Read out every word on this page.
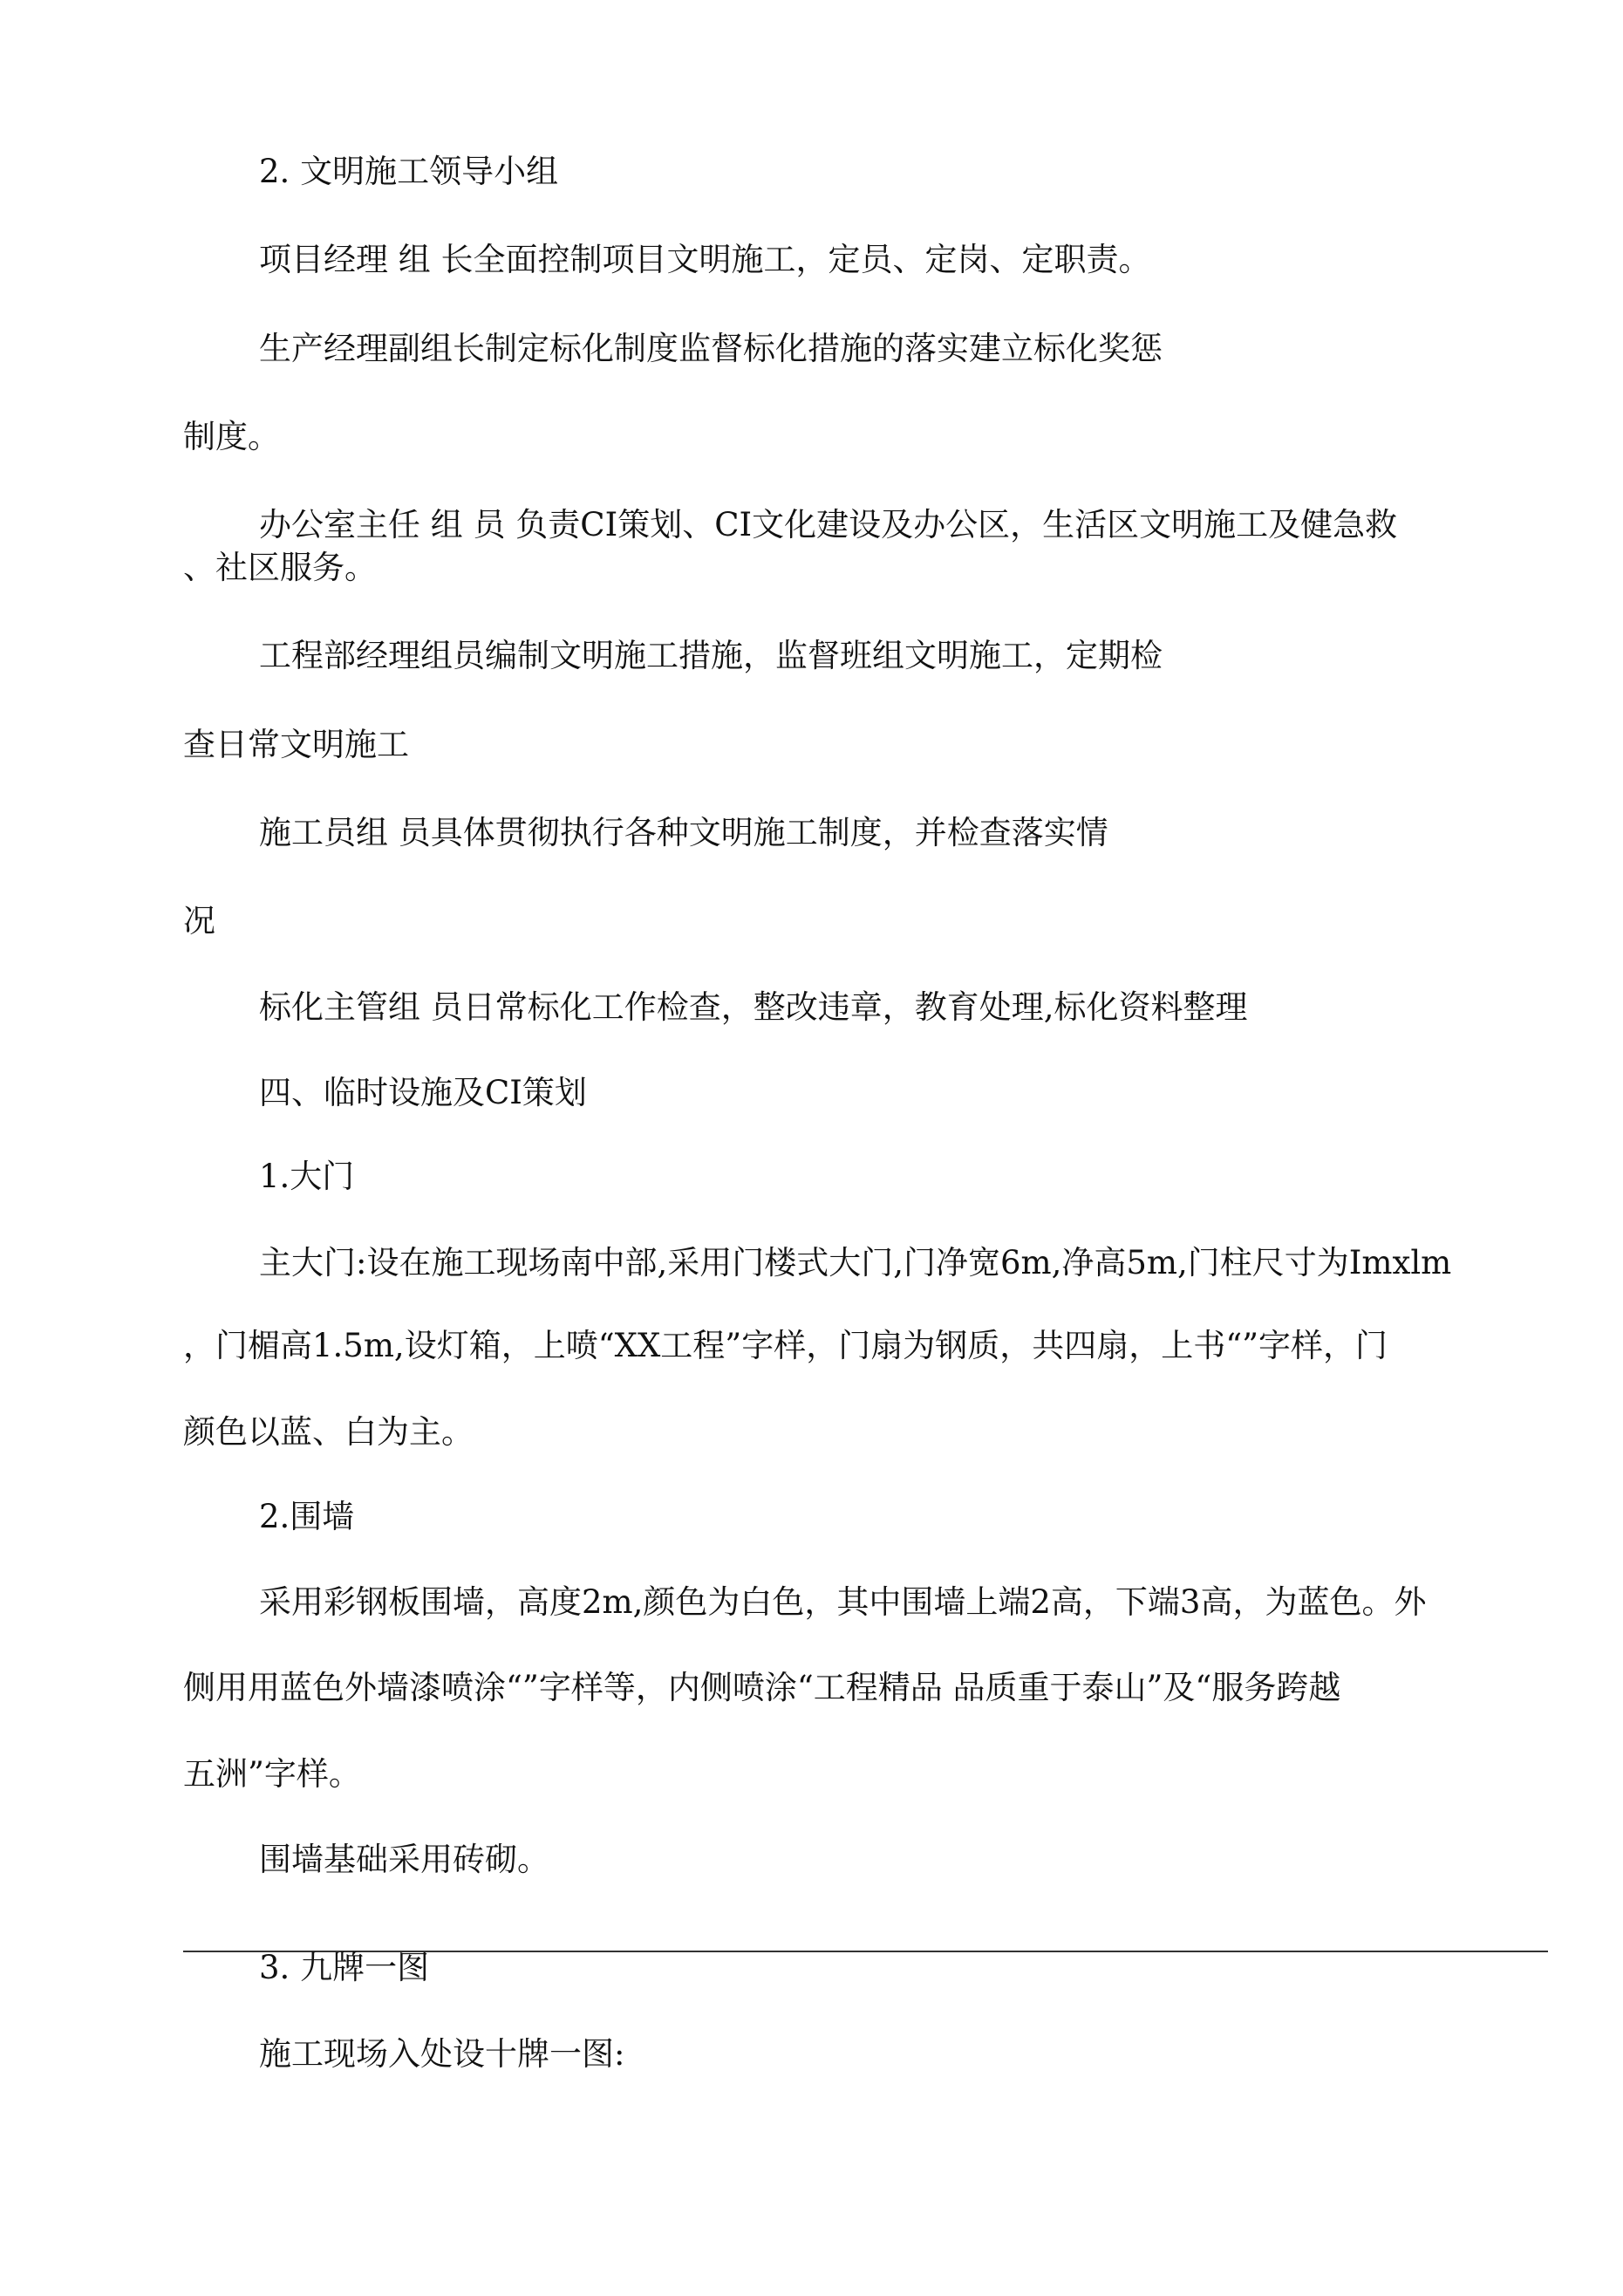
2. 文明施工领导小组
项目经理 组 长全面控制项目文明施工，定员、定岗、定职责。
生产经理副组长制定标化制度监督标化措施的落实建立标化奖惩
制度。
办公室主任 组 员 负责CI策划、CI文化建设及办公区，生活区文明施工及健急救
、社区服务。
工程部经理组员编制文明施工措施，监督班组文明施工，定期检
查日常文明施工
施工员组 员具体贯彻执行各种文明施工制度，并检查落实情
况
标化主管组 员日常标化工作检查，整改违章，教育处理,标化资料整理
四、临时设施及CI策划
1.大门
主大门:设在施工现场南中部,采用门楼式大门,门净宽6m,净高5m,门柱尺寸为Imxlm
，门楣高1.5m,设灯箱，上喷“XX工程”字样，门扇为钢质，共四扇，上书“”字样，门
颜色以蓝、白为主。
2.围墙
采用彩钢板围墙，高度2m,颜色为白色，其中围墙上端2高，下端3高，为蓝色。外
侧用用蓝色外墙漆喷涂“”字样等，内侧喷涂“工程精品 品质重于泰山”及“服务跨越
五洲”字样。
围墙基础采用砖砌。
3. 九牌一图
施工现场入处设十牌一图:
